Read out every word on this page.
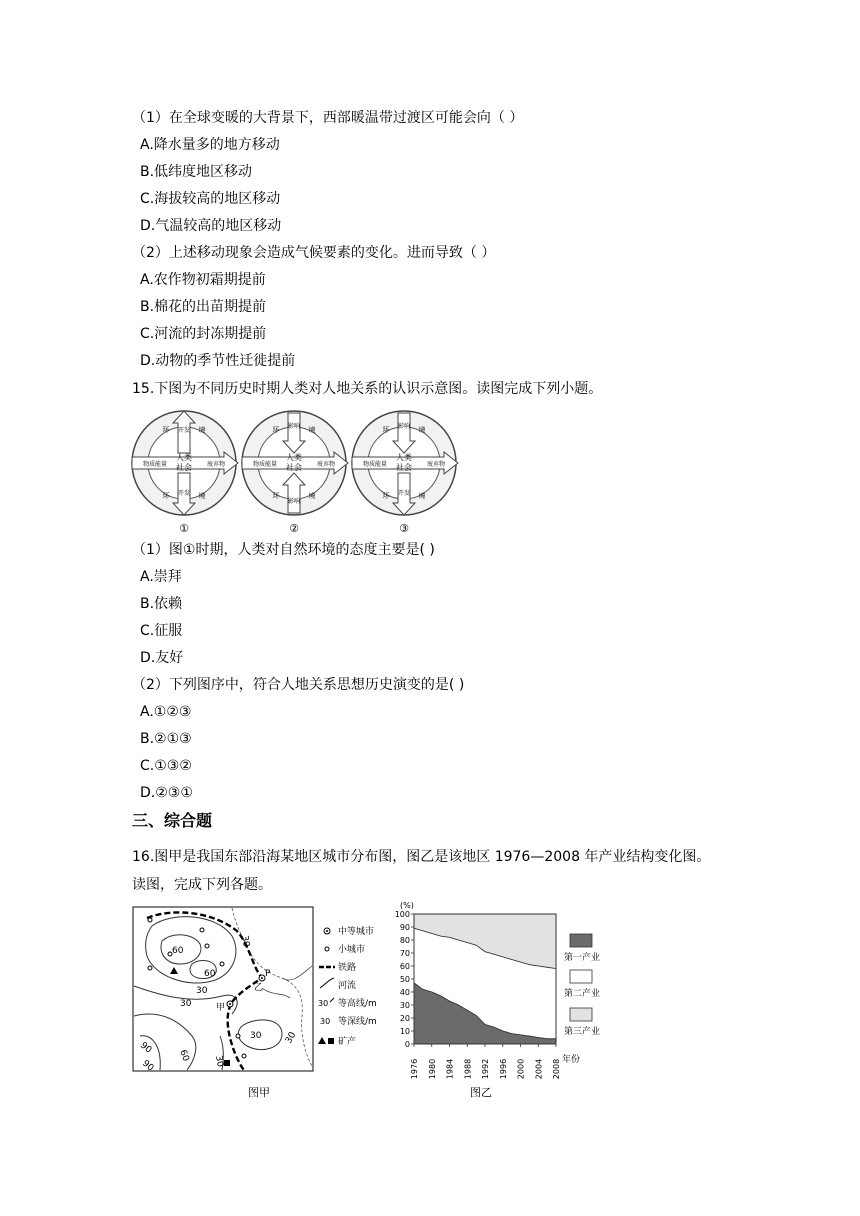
（1）在全球变暖的大背景下，西部暖温带过渡区可能会向（ ）
A.降水量多的地方移动
B.低纬度地区移动
C.海拔较高的地区移动
D.气温较高的地区移动
（2）上述移动现象会造成气候要素的变化。进而导致（ ）
A.农作物初霜期提前
B.棉花的出苗期提前
C.河流的封冻期提前
D.动物的季节性迁徙提前
15.下图为不同历史时期人类对人地关系的认识示意图。读图完成下列小题。
人类
社会
物质能量	废弃物
开发
开发
环	境
环	境
①
人类
社会
物质能量	废弃物
影响
影响
环	境
环	境
②
人类
社会
物质能量	废弃物
影响
开发
环	境
环	境
③
（1）图①时期，人类对自然环境的态度主要是( )
A.崇拜
B.依赖
C.征服
D.友好
（2）下列图序中，符合人地关系思想历史演变的是( )
A.①②③
B.②①③
C.①③②
D.②③①
三、综合题
16.图甲是我国东部沿海某地区城市分布图，图乙是该地区 1976—2008 年产业结构变化图。
读图，完成下列各题。
60
60
30
30
30
30
60
90
90	30
30
P
乙
甲
中等城市
小城市
铁路
河流
30 等高线/m
30 等深线/m
矿产
图甲
(%)
0
10
20
30
40
50
60
70
80
90
100
1976 1980 1984 1988 1992 1996 2000 2004 2008 年份
第一产业
第二产业
第三产业
图乙
